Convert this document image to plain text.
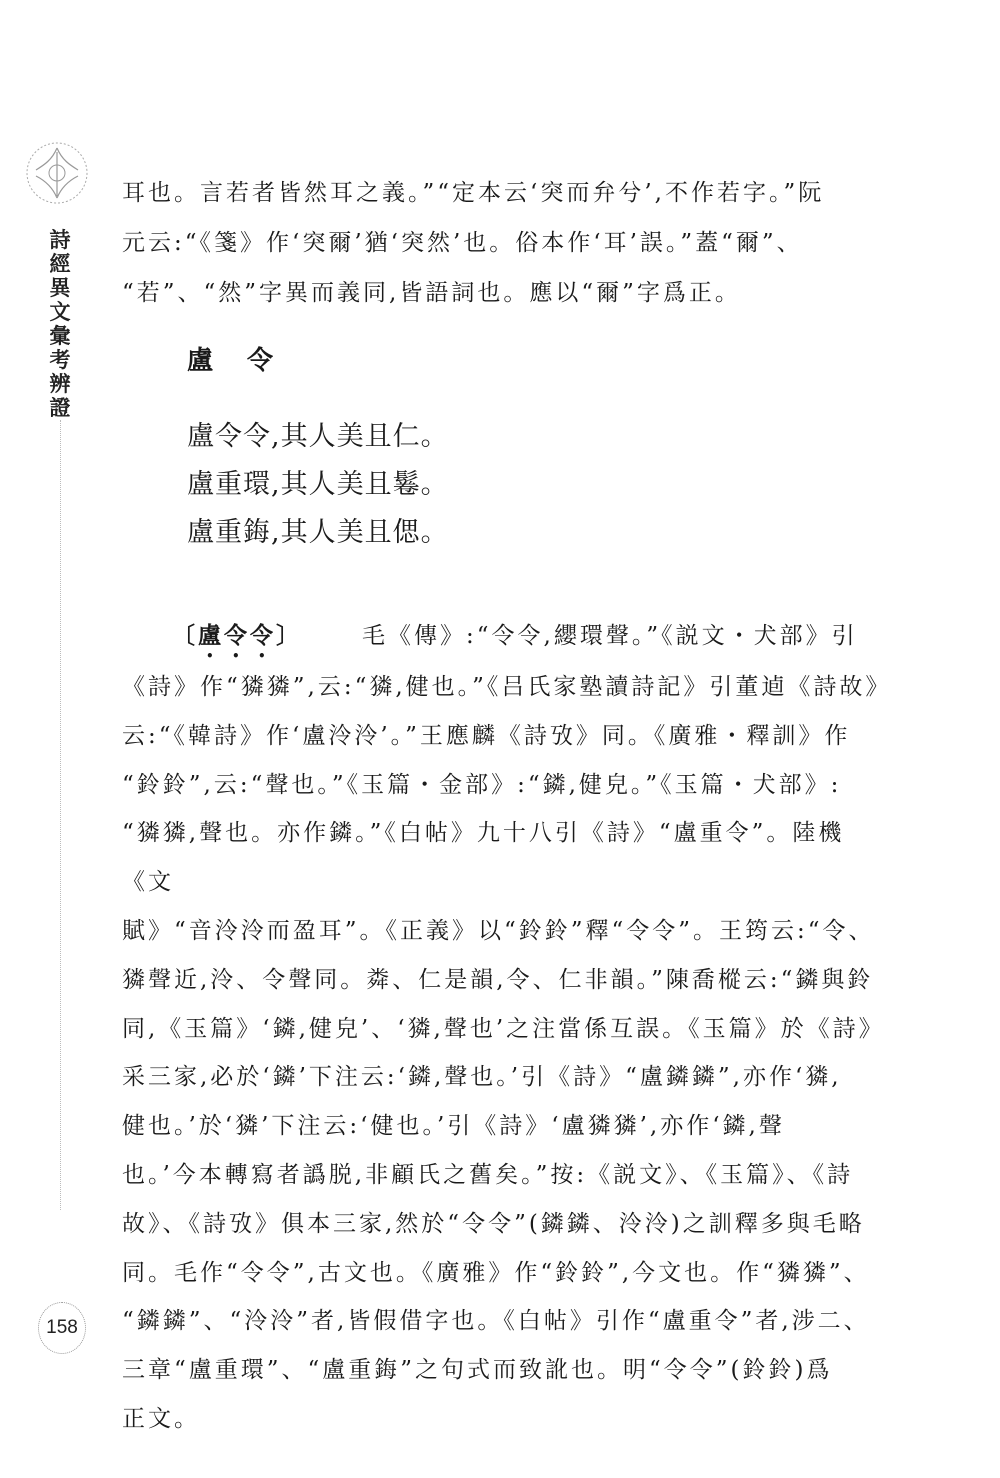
詩經異文彙考辨證
158

耳也。言若者皆然耳之義。”“定本云‘突而弁兮’,不作若字。”阮

元云:“《箋》作‘突爾’猶‘突然’也。俗本作‘耳’誤。”蓋“爾”、

“若”、“然”字異而義同,皆語詞也。應以“爾”字爲正。

盧令
盧令令,其人美且仁。
盧重環,其人美且鬈。
盧重鋂,其人美且偲。

〔盧令令〕	毛《傳》:“令令,纓環聲。”《説文・犬部》引

《詩》作“獜獜”,云:“獜,健也。”《吕氏家塾讀詩記》引董逌《詩故》

云:“《韓詩》作‘盧泠泠’。”王應麟《詩攷》同。《廣雅・釋訓》作

“鈴鈴”,云:“聲也。”《玉篇・金部》:“鏻,健皃。”《玉篇・犬部》:

“獜獜,聲也。亦作鏻。”《白帖》九十八引《詩》“盧重令”。陸機《文

賦》“音泠泠而盈耳”。《正義》以“鈴鈴”釋“令令”。王筠云:“令、

獜聲近,泠、令聲同。粦、仁是韻,令、仁非韻。”陳喬樅云:“鏻與鈴

同,《玉篇》‘鏻,健皃’、‘獜,聲也’之注當係互誤。《玉篇》於《詩》

采三家,必於‘鏻’下注云:‘鏻,聲也。’引《詩》“盧鏻鏻”,亦作‘獜,

健也。’於‘獜’下注云:‘健也。’引《詩》‘盧獜獜’,亦作‘鏻,聲

也。’今本轉寫者譌脱,非顧氏之舊矣。”按:《説文》、《玉篇》、《詩

故》、《詩攷》俱本三家,然於“令令”(鏻鏻、泠泠)之訓釋多與毛略

同。毛作“令令”,古文也。《廣雅》作“鈴鈴”,今文也。作“獜獜”、

“鏻鏻”、“泠泠”者,皆假借字也。《白帖》引作“盧重令”者,涉二、

三章“盧重環”、“盧重鋂”之句式而致訛也。明“令令”(鈴鈴)爲

正文。
